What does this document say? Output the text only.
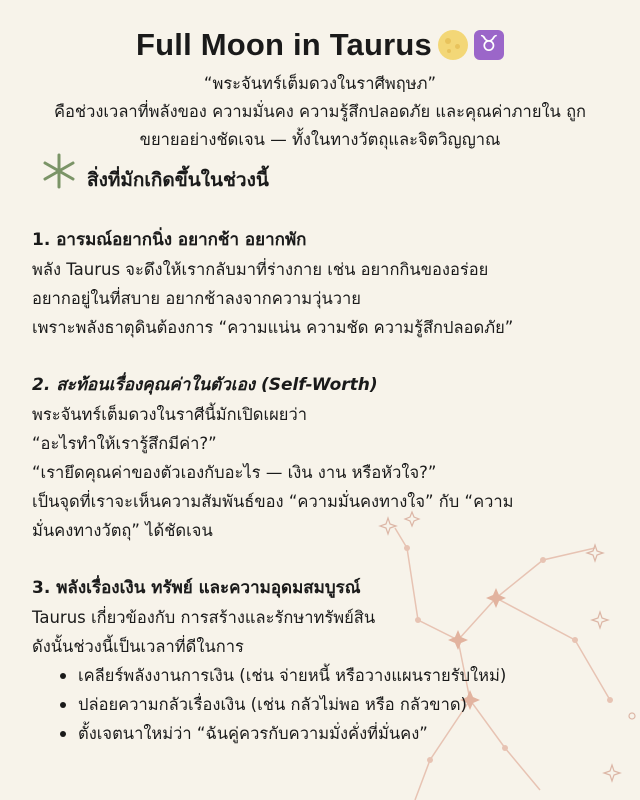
Full Moon in Taurus ♉
“พระจันทร์เต็มดวงในราศีพฤษภ”
คือช่วงเวลาที่พลังของ ความมั่นคง ความรู้สึกปลอดภัย และคุณค่าภายใน ถูก
ขยายอย่างชัดเจน — ทั้งในทางวัตถุและจิตวิญญาณ
สิ่งที่มักเกิดขึ้นในช่วงนี้
1. อารมณ์อยากนิ่ง อยากช้า อยากพัก
พลัง Taurus จะดึงให้เรากลับมาที่ร่างกาย เช่น อยากกินของอร่อย
อยากอยู่ในที่สบาย อยากช้าลงจากความวุ่นวาย
เพราะพลังธาตุดินต้องการ “ความแน่น ความชัด ความรู้สึกปลอดภัย”
2. สะท้อนเรื่องคุณค่าในตัวเอง (Self-Worth)
พระจันทร์เต็มดวงในราศีนี้มักเปิดเผยว่า
“อะไรทำให้เรารู้สึกมีค่า?”
“เรายึดคุณค่าของตัวเองกับอะไร — เงิน งาน หรือหัวใจ?”
เป็นจุดที่เราจะเห็นความสัมพันธ์ของ “ความมั่นคงทางใจ” กับ “ความ
มั่นคงทางวัตถุ” ได้ชัดเจน
3. พลังเรื่องเงิน ทรัพย์ และความอุดมสมบูรณ์
Taurus เกี่ยวข้องกับ การสร้างและรักษาทรัพย์สิน
ดังนั้นช่วงนี้เป็นเวลาที่ดีในการ
เคลียร์พลังงานการเงิน (เช่น จ่ายหนี้ หรือวางแผนรายรับใหม่)
ปล่อยความกลัวเรื่องเงิน (เช่น กลัวไม่พอ หรือ กลัวขาด)
ตั้งเจตนาใหม่ว่า “ฉันคู่ควรกับความมั่งคั่งที่มั่นคง”
